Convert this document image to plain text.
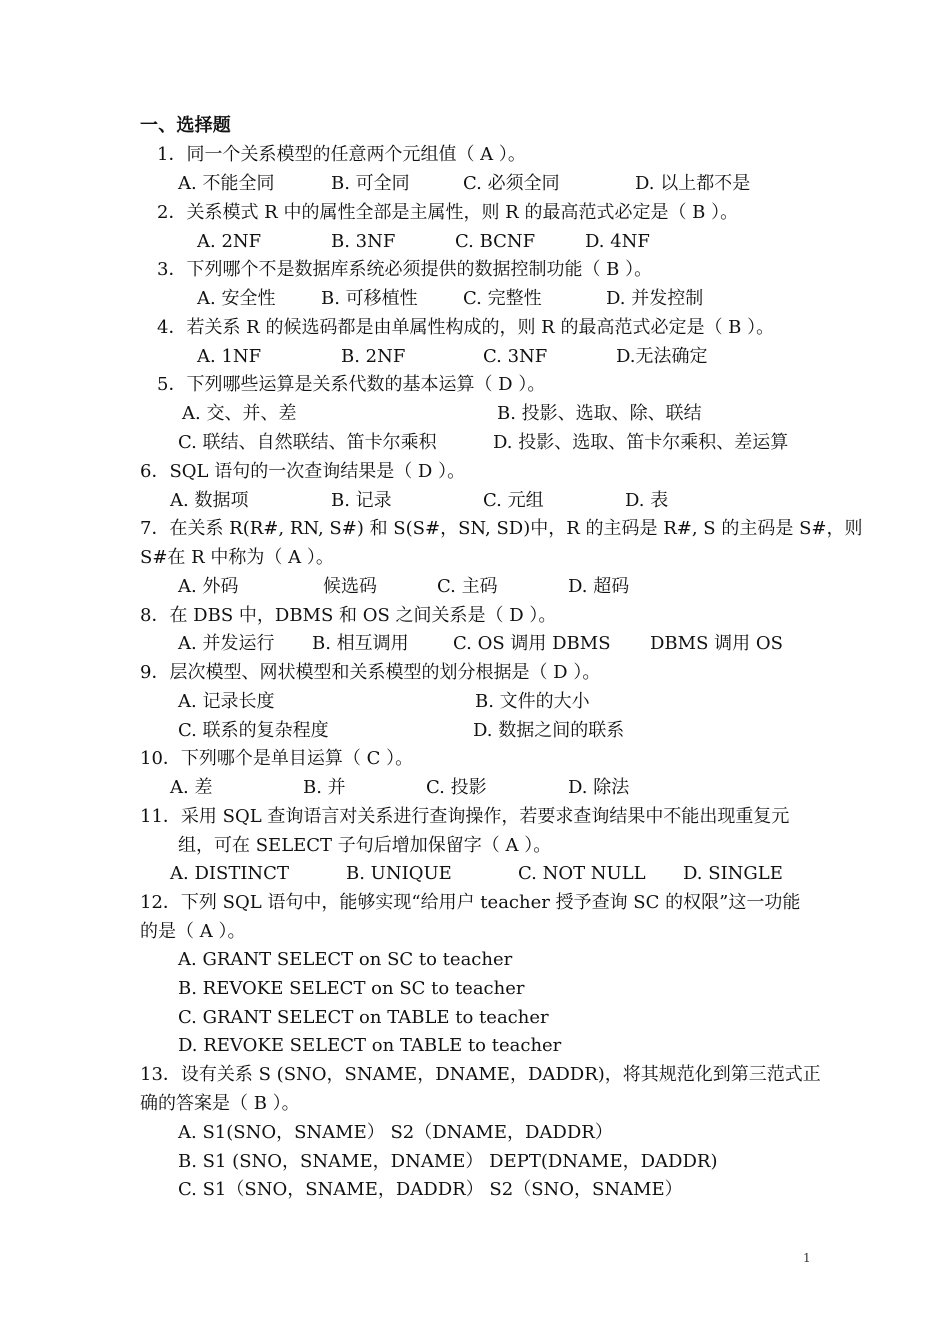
一、选择题
1．同一个关系模型的任意两个元组值（ A ）。
A. 不能全同	B. 可全同	C. 必须全同	D. 以上都不是
2．关系模式 R 中的属性全部是主属性，则 R 的最高范式必定是（ B ）。
A. 2NF	B. 3NF	C. BCNF	D. 4NF
3．下列哪个不是数据库系统必须提供的数据控制功能（ B ）。
A. 安全性	B. 可移植性	C. 完整性	D. 并发控制
4．若关系 R 的候选码都是由单属性构成的，则 R 的最高范式必定是（ B ）。
A. 1NF	B. 2NF	C. 3NF	D.无法确定
5．下列哪些运算是关系代数的基本运算（ D ）。
A. 交、并、差	B. 投影、选取、除、联结
C. 联结、自然联结、笛卡尔乘积	D. 投影、选取、笛卡尔乘积、差运算
6．SQL 语句的一次查询结果是（ D ）。
A. 数据项	B. 记录	C. 元组	D. 表
7．在关系 R(R#, RN, S#) 和 S(S#，SN, SD)中，R 的主码是 R#, S 的主码是 S#，则
S#在 R 中称为（ A ）。
A. 外码	候选码	C. 主码	D. 超码
8．在 DBS 中，DBMS 和 OS 之间关系是（ D ）。
A. 并发运行 B. 相互调用 C. OS 调用 DBMS DBMS 调用 OS
9．层次模型、网状模型和关系模型的划分根据是（ D ）。
A. 记录长度	B. 文件的大小
C. 联系的复杂程度	D. 数据之间的联系
10．下列哪个是单目运算（ C ）。
A. 差	B. 并	C. 投影	D. 除法
11．采用 SQL 查询语言对关系进行查询操作，若要求查询结果中不能出现重复元
组，可在 SELECT 子句后增加保留字（ A ）。
A. DISTINCT	B. UNIQUE	C. NOT NULL D. SINGLE
12．下列 SQL 语句中，能够实现“给用户 teacher 授予查询 SC 的权限”这一功能
的是（ A ）。
A. GRANT SELECT on SC to teacher
B. REVOKE SELECT on SC to teacher
C. GRANT SELECT on TABLE to teacher
D. REVOKE SELECT on TABLE to teacher
13．设有关系 S (SNO，SNAME，DNAME，DADDR)，将其规范化到第三范式正
确的答案是（ B ）。
A. S1(SNO，SNAME） S2（DNAME，DADDR）
B. S1 (SNO，SNAME，DNAME） DEPT(DNAME，DADDR)
C. S1（SNO，SNAME，DADDR） S2（SNO，SNAME）
1
